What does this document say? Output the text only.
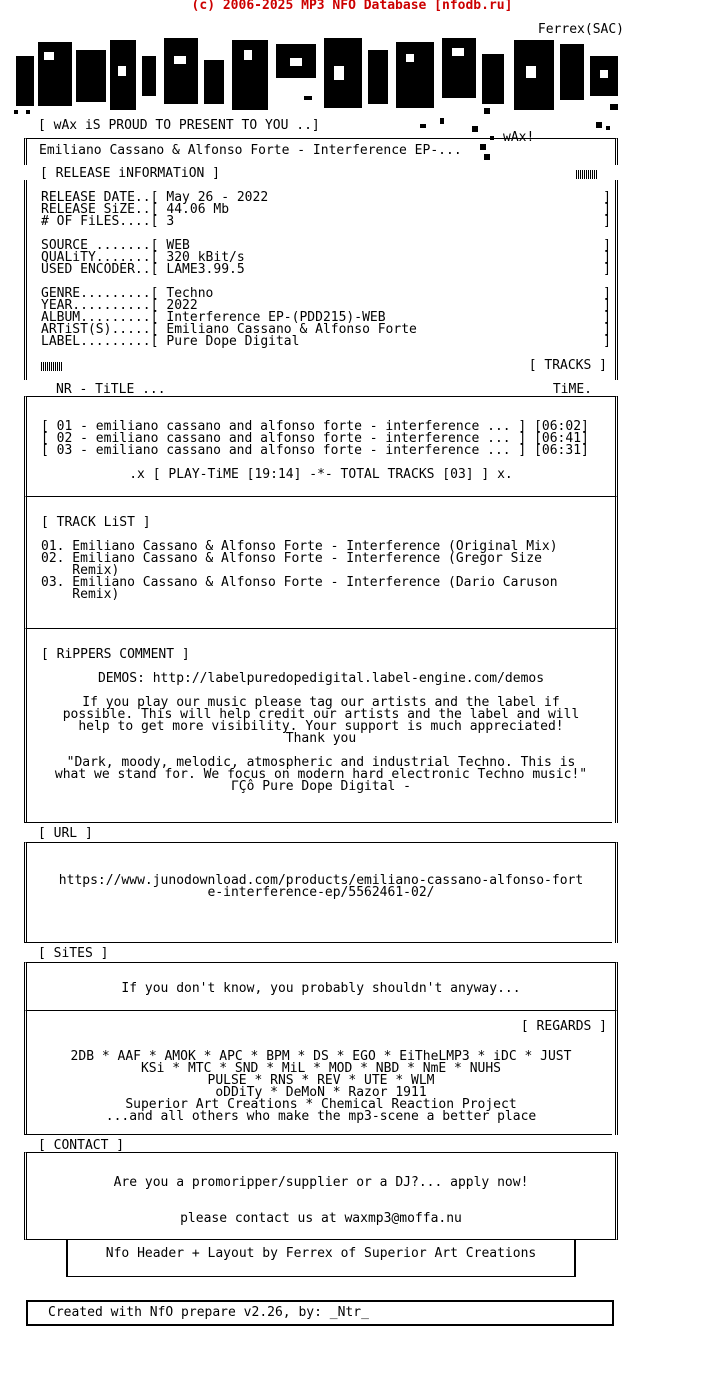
(c) 2006-2025 MP3 NFO Database [nfodb.ru]
Ferrex(SAC)
[ wAx iS PROUD TO PRESENT TO YOU ..]
wAx!
Emiliano Cassano & Alfonso Forte - Interference EP-...
[ RELEASE iNFORMATiON ]
RELEASE DATE..[ May 26 - 2022	]
RELEASE SiZE..[ 44.06 Mb	]
# OF FiLES....[ 3	]
SOURCE .......[ WEB	]
QUALiTY.......[ 320 kBit/s	]
USED ENCODER..[ LAME3.99.5	]
GENRE.........[ Techno	]
YEAR..........[ 2022	]
ALBUM.........[ Interference EP-(PDD215)-WEB	]
ARTiST(S).....[ Emiliano Cassano & Alfonso Forte	]
LABEL.........[ Pure Dope Digital	]
[ TRACKS ]
NR - TiTLE ...	TiME.
[ 01 - emiliano cassano and alfonso forte - interference ... ] [06:02]
[ 02 - emiliano cassano and alfonso forte - interference ... ] [06:41]
[ 03 - emiliano cassano and alfonso forte - interference ... ] [06:31]
.x [ PLAY-TiME [19:14] -*- TOTAL TRACKS [03] ] x.
[ TRACK LiST ]
01. Emiliano Cassano & Alfonso Forte - Interference (Original Mix)
02. Emiliano Cassano & Alfonso Forte - Interference (Gregor Size
Remix)
03. Emiliano Cassano & Alfonso Forte - Interference (Dario Caruson
Remix)
[ RiPPERS COMMENT ]
DEMOS: http://labelpuredopedigital.label-engine.com/demos
If you play our music please tag our artists and the label if
possible. This will help credit our artists and the label and will
help to get more visibility. Your support is much appreciated!
Thank you
"Dark, moody, melodic, atmospheric and industrial Techno. This is
what we stand for. We focus on modern hard electronic Techno music!"
ΓÇô Pure Dope Digital -
[ URL ]
https://www.junodownload.com/products/emiliano-cassano-alfonso-fort
e-interference-ep/5562461-02/
[ SiTES ]
If you don't know, you probably shouldn't anyway...
[ REGARDS ]
2DB * AAF * AMOK * APC * BPM * DS * EGO * EiTheLMP3 * iDC * JUST
KSi * MTC * SND * MiL * MOD * NBD * NmE * NUHS
PULSE * RNS * REV * UTE * WLM
oDDiTy * DeMoN * Razor 1911
Superior Art Creations * Chemical Reaction Project
...and all others who make the mp3-scene a better place
[ CONTACT ]
Are you a promoripper/supplier or a DJ?... apply now!
please contact us at waxmp3@moffa.nu
Nfo Header + Layout by Ferrex of Superior Art Creations
Created with NfO prepare v2.26, by: _Ntr_
